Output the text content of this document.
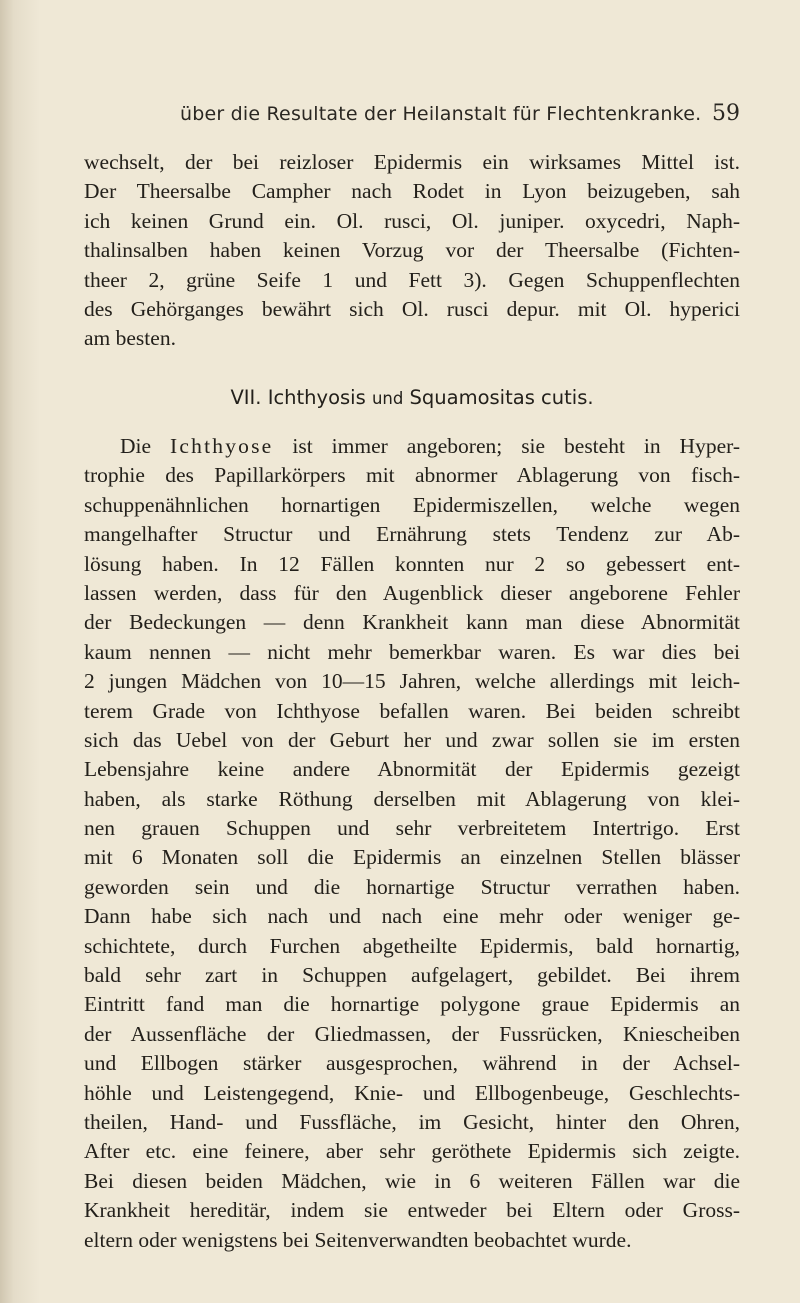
über die Resultate der Heilanstalt für Flechtenkranke. 59
wechselt, der bei reizloser Epidermis ein wirksames Mittel ist.
Der Theersalbe Campher nach Rodet in Lyon beizugeben, sah
ich keinen Grund ein. Ol. rusci, Ol. juniper. oxycedri, Naph-
thalinsalben haben keinen Vorzug vor der Theersalbe (Fichten-
theer 2, grüne Seife 1 und Fett 3). Gegen Schuppenflechten
des Gehörganges bewährt sich Ol. rusci depur. mit Ol. hyperici
am besten.
VII. Ichthyosis und Squamositas cutis.
Die Ichthyose ist immer angeboren; sie besteht in Hyper-
trophie des Papillarkörpers mit abnormer Ablagerung von fisch-
schuppenähnlichen hornartigen Epidermiszellen, welche wegen
mangelhafter Structur und Ernährung stets Tendenz zur Ab-
lösung haben. In 12 Fällen konnten nur 2 so gebessert ent-
lassen werden, dass für den Augenblick dieser angeborene Fehler
der Bedeckungen — denn Krankheit kann man diese Abnormität
kaum nennen — nicht mehr bemerkbar waren. Es war dies bei
2 jungen Mädchen von 10—15 Jahren, welche allerdings mit leich-
terem Grade von Ichthyose befallen waren. Bei beiden schreibt
sich das Uebel von der Geburt her und zwar sollen sie im ersten
Lebensjahre keine andere Abnormität der Epidermis gezeigt
haben, als starke Röthung derselben mit Ablagerung von klei-
nen grauen Schuppen und sehr verbreitetem Intertrigo. Erst
mit 6 Monaten soll die Epidermis an einzelnen Stellen blässer
geworden sein und die hornartige Structur verrathen haben.
Dann habe sich nach und nach eine mehr oder weniger ge-
schichtete, durch Furchen abgetheilte Epidermis, bald hornartig,
bald sehr zart in Schuppen aufgelagert, gebildet. Bei ihrem
Eintritt fand man die hornartige polygone graue Epidermis an
der Aussenfläche der Gliedmassen, der Fussrücken, Kniescheiben
und Ellbogen stärker ausgesprochen, während in der Achsel-
höhle und Leistengegend, Knie- und Ellbogenbeuge, Geschlechts-
theilen, Hand- und Fussfläche, im Gesicht, hinter den Ohren,
After etc. eine feinere, aber sehr geröthete Epidermis sich zeigte.
Bei diesen beiden Mädchen, wie in 6 weiteren Fällen war die
Krankheit hereditär, indem sie entweder bei Eltern oder Gross-
eltern oder wenigstens bei Seitenverwandten beobachtet wurde.
